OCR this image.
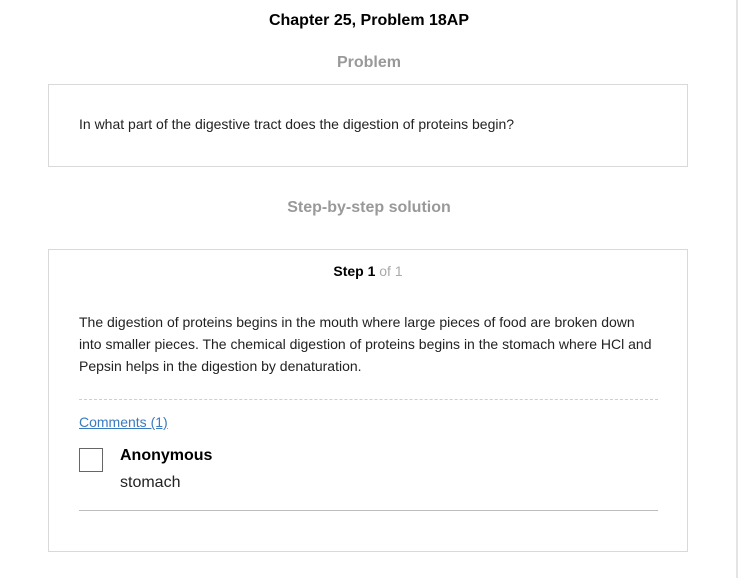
Chapter 25, Problem 18AP
Problem
In what part of the digestive tract does the digestion of proteins begin?
Step-by-step solution
Step 1 of 1
The digestion of proteins begins in the mouth where large pieces of food are broken down into smaller pieces. The chemical digestion of proteins begins in the stomach where HCl and Pepsin helps in the digestion by denaturation.
Comments (1)
Anonymous
stomach
